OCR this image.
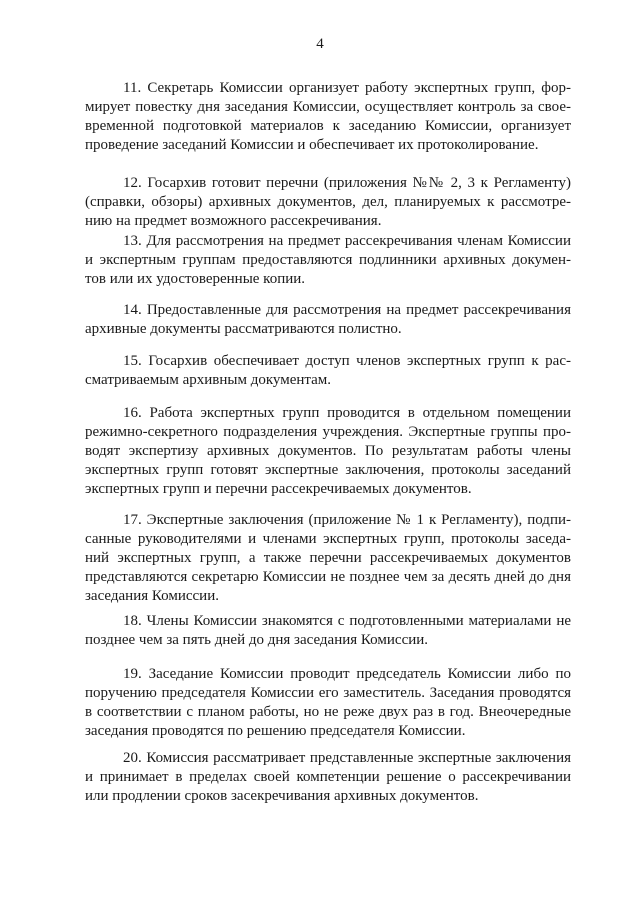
4
11. Секретарь Комиссии организует работу экспертных групп, фор-
мирует повестку дня заседания Комиссии, осуществляет контроль за свое-
временной подготовкой материалов к заседанию Комиссии, организует
проведение заседаний Комиссии и обеспечивает их протоколирование.
12. Госархив готовит перечни (приложения №№ 2, 3 к Регламенту)
(справки, обзоры) архивных документов, дел, планируемых к рассмотре-
нию на предмет возможного рассекречивания.
13. Для рассмотрения на предмет рассекречивания членам Комиссии
и экспертным группам предоставляются подлинники архивных докумен-
тов или их удостоверенные копии.
14. Предоставленные для рассмотрения на предмет рассекречивания
архивные документы рассматриваются полистно.
15. Госархив обеспечивает доступ членов экспертных групп к рас-
сматриваемым архивным документам.
16. Работа экспертных групп проводится в отдельном помещении
режимно-секретного подразделения учреждения. Экспертные группы про-
водят экспертизу архивных документов. По результатам работы члены
экспертных групп готовят экспертные заключения, протоколы заседаний
экспертных групп и перечни рассекречиваемых документов.
17. Экспертные заключения (приложение № 1 к Регламенту), подпи-
санные руководителями и членами экспертных групп, протоколы заседа-
ний экспертных групп, а также перечни рассекречиваемых документов
представляются секретарю Комиссии не позднее чем за десять дней до дня
заседания Комиссии.
18. Члены Комиссии знакомятся с подготовленными материалами не
позднее чем за пять дней до дня заседания Комиссии.
19. Заседание Комиссии проводит председатель Комиссии либо по
поручению председателя Комиссии его заместитель. Заседания проводятся
в соответствии с планом работы, но не реже двух раз в год. Внеочередные
заседания проводятся по решению председателя Комиссии.
20. Комиссия рассматривает представленные экспертные заключения
и принимает в пределах своей компетенции решение о рассекречивании
или продлении сроков засекречивания архивных документов.
